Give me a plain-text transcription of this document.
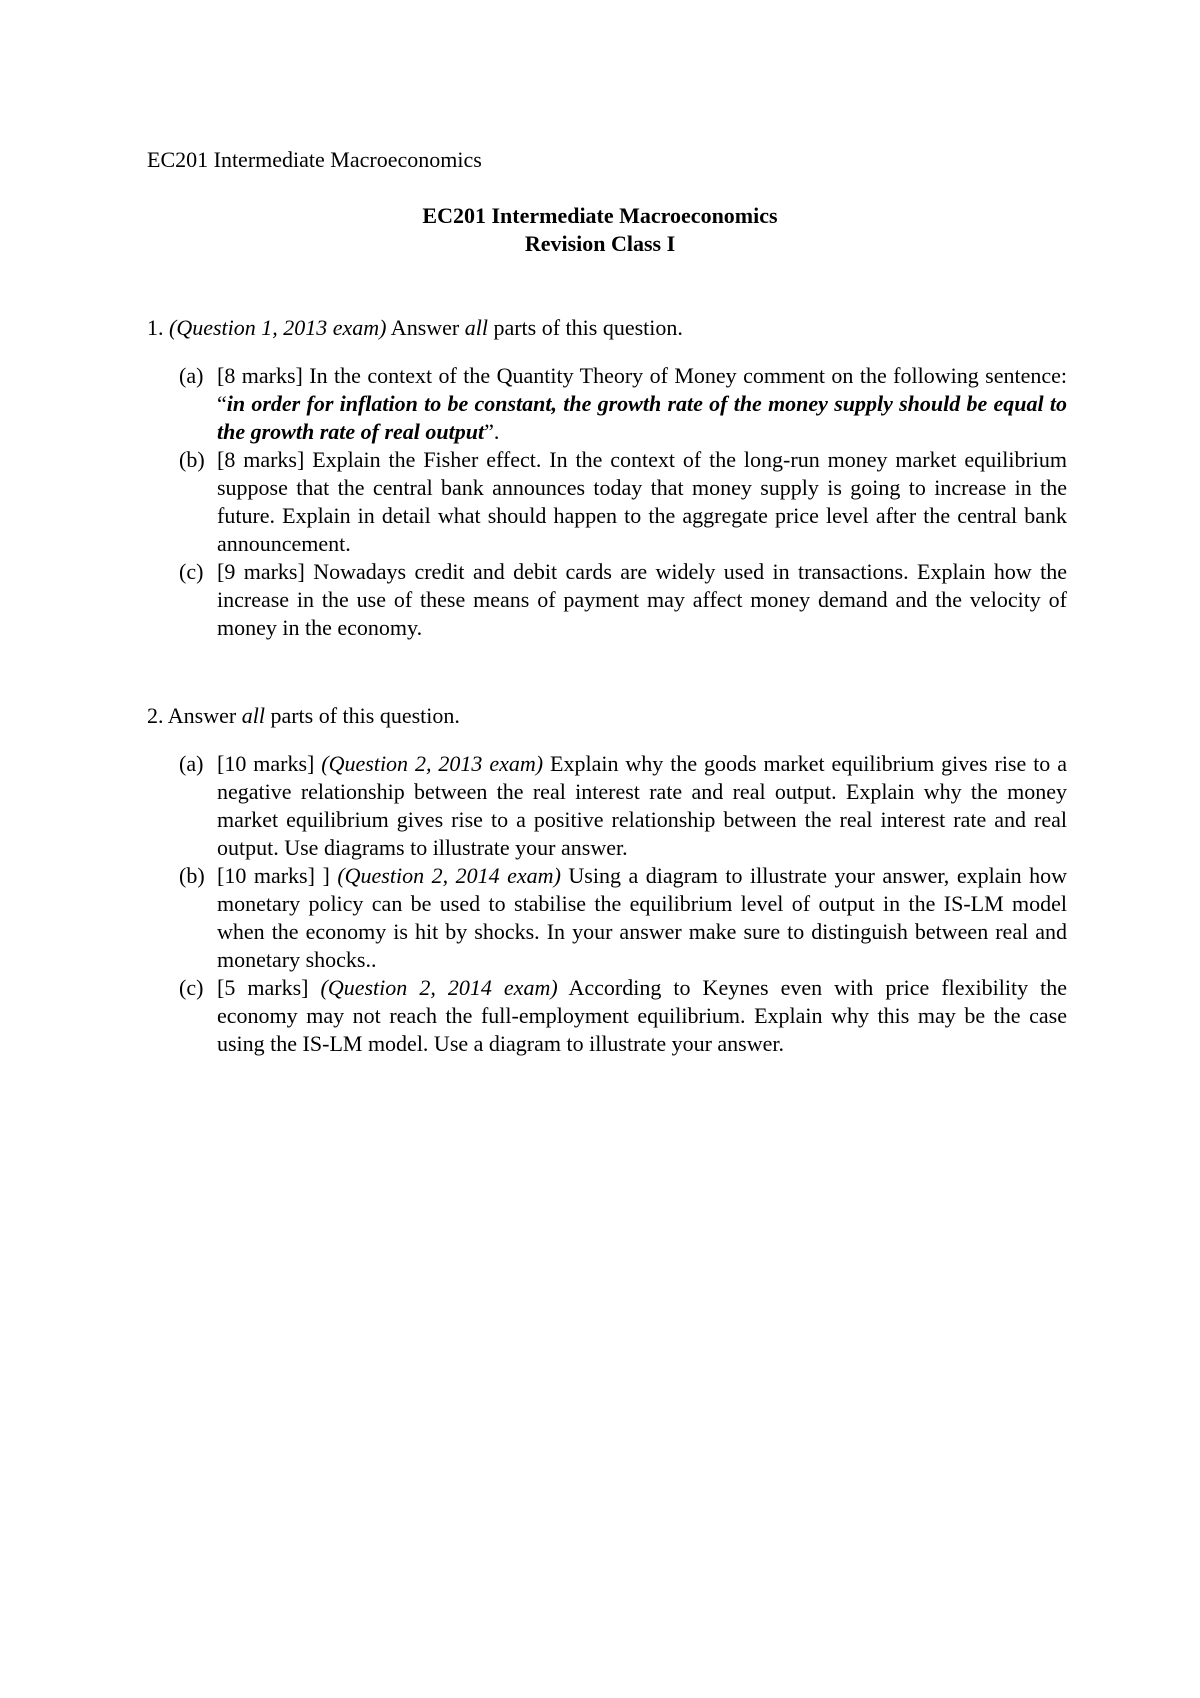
EC201 Intermediate Macroeconomics
EC201 Intermediate Macroeconomics
Revision Class I

1. (Question 1, 2013 exam) Answer all parts of this question.

(a) [8 marks] In the context of the Quantity Theory of Money comment on the following sentence: “in order for inflation to be constant, the growth rate of the money supply should be equal to the growth rate of real output”.
(b) [8 marks] Explain the Fisher effect. In the context of the long-run money market equilibrium suppose that the central bank announces today that money supply is going to increase in the future. Explain in detail what should happen to the aggregate price level after the central bank announcement.
(c) [9 marks] Nowadays credit and debit cards are widely used in transactions. Explain how the increase in the use of these means of payment may affect money demand and the velocity of money in the economy.

2. Answer all parts of this question.

(a) [10 marks] (Question 2, 2013 exam) Explain why the goods market equilibrium gives rise to a negative relationship between the real interest rate and real output. Explain why the money market equilibrium gives rise to a positive relationship between the real interest rate and real output. Use diagrams to illustrate your answer.
(b) [10 marks] ] (Question 2, 2014 exam) Using a diagram to illustrate your answer, explain how monetary policy can be used to stabilise the equilibrium level of output in the IS-LM model when the economy is hit by shocks. In your answer make sure to distinguish between real and monetary shocks..
(c) [5 marks] (Question 2, 2014 exam) According to Keynes even with price flexibility the economy may not reach the full-employment equilibrium. Explain why this may be the case using the IS-LM model. Use a diagram to illustrate your answer.
